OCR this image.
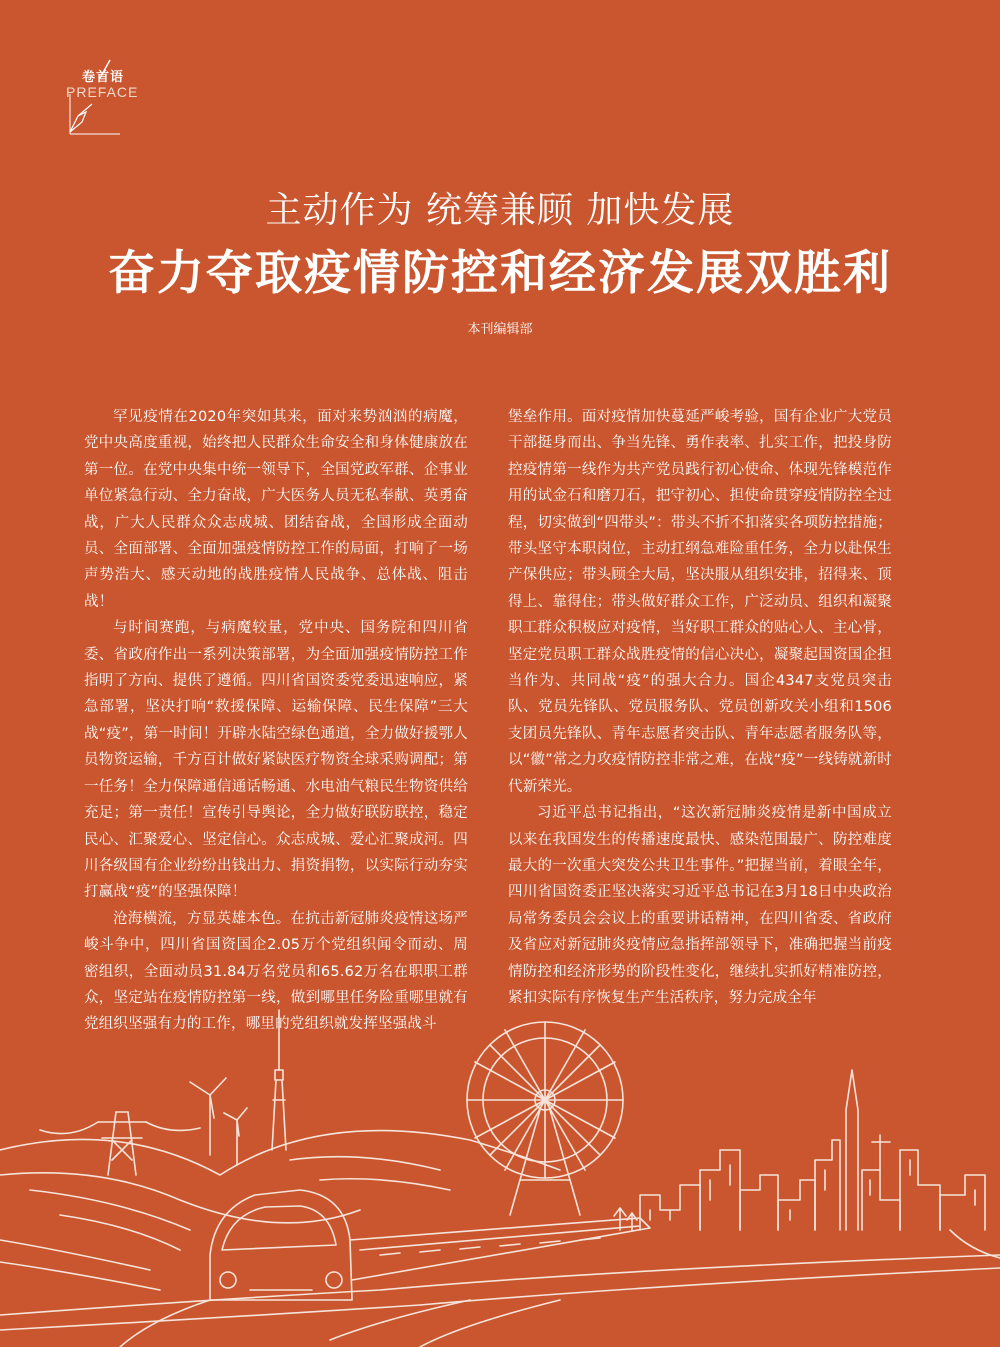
卷首语
PREFACE
主动作为 统筹兼顾 加快发展
奋力夺取疫情防控和经济发展双胜利
本刊编辑部

罕见疫情在2020年突如其来，面对来势汹汹的病魔，党中央高度重视，始终把人民群众生命安全和身体健康放在第一位。在党中央集中统一领导下，全国党政军群、企事业单位紧急行动、全力奋战，广大医务人员无私奉献、英勇奋战，广大人民群众众志成城、团结奋战，全国形成全面动员、全面部署、全面加强疫情防控工作的局面，打响了一场声势浩大、感天动地的战胜疫情人民战争、总体战、阻击战！

与时间赛跑，与病魔较量，党中央、国务院和四川省委、省政府作出一系列决策部署，为全面加强疫情防控工作指明了方向、提供了遵循。四川省国资委党委迅速响应，紧急部署，坚决打响“救援保障、运输保障、民生保障”三大战“疫”，第一时间！开辟水陆空绿色通道，全力做好援鄂人员物资运输，千方百计做好紧缺医疗物资全球采购调配；第一任务！全力保障通信通话畅通、水电油气粮民生物资供给充足；第一责任！宣传引导舆论，全力做好联防联控，稳定民心、汇聚爱心、坚定信心。众志成城、爱心汇聚成河。四川各级国有企业纷纷出钱出力、捐资捐物，以实际行动夯实打赢战“疫”的坚强保障！

沧海横流，方显英雄本色。在抗击新冠肺炎疫情这场严峻斗争中，四川省国资国企2.05万个党组织闻令而动、周密组织，全面动员31.84万名党员和65.62万名在职职工群众，坚定站在疫情防控第一线，做到哪里任务险重哪里就有党组织坚强有力的工作，哪里的党组织就发挥坚强战斗

堡垒作用。面对疫情加快蔓延严峻考验，国有企业广大党员干部挺身而出、争当先锋、勇作表率、扎实工作，把投身防控疫情第一线作为共产党员践行初心使命、体现先锋模范作用的试金石和磨刀石，把守初心、担使命贯穿疫情防控全过程，切实做到“四带头”：带头不折不扣落实各项防控措施；带头坚守本职岗位，主动扛纲急难险重任务，全力以赴保生产保供应；带头顾全大局，坚决服从组织安排，招得来、顶得上、靠得住；带头做好群众工作，广泛动员、组织和凝聚职工群众积极应对疫情，当好职工群众的贴心人、主心骨，坚定党员职工群众战胜疫情的信心决心，凝聚起国资国企担当作为、共同战“疫”的强大合力。国企4347支党员突击队、党员先锋队、党员服务队、党员创新攻关小组和1506支团员先锋队、青年志愿者突击队、青年志愿者服务队等，以“徽”常之力攻疫情防控非常之难，在战“疫”一线铸就新时代新荣光。

习近平总书记指出，“这次新冠肺炎疫情是新中国成立以来在我国发生的传播速度最快、感染范围最广、防控难度最大的一次重大突发公共卫生事件。”把握当前，着眼全年，四川省国资委正坚决落实习近平总书记在3月18日中央政治局常务委员会会议上的重要讲话精神，在四川省委、省政府及省应对新冠肺炎疫情应急指挥部领导下，准确把握当前疫情防控和经济形势的阶段性变化，继续扎实抓好精准防控，紧扣实际有序恢复生产生活秩序，努力完成全年
